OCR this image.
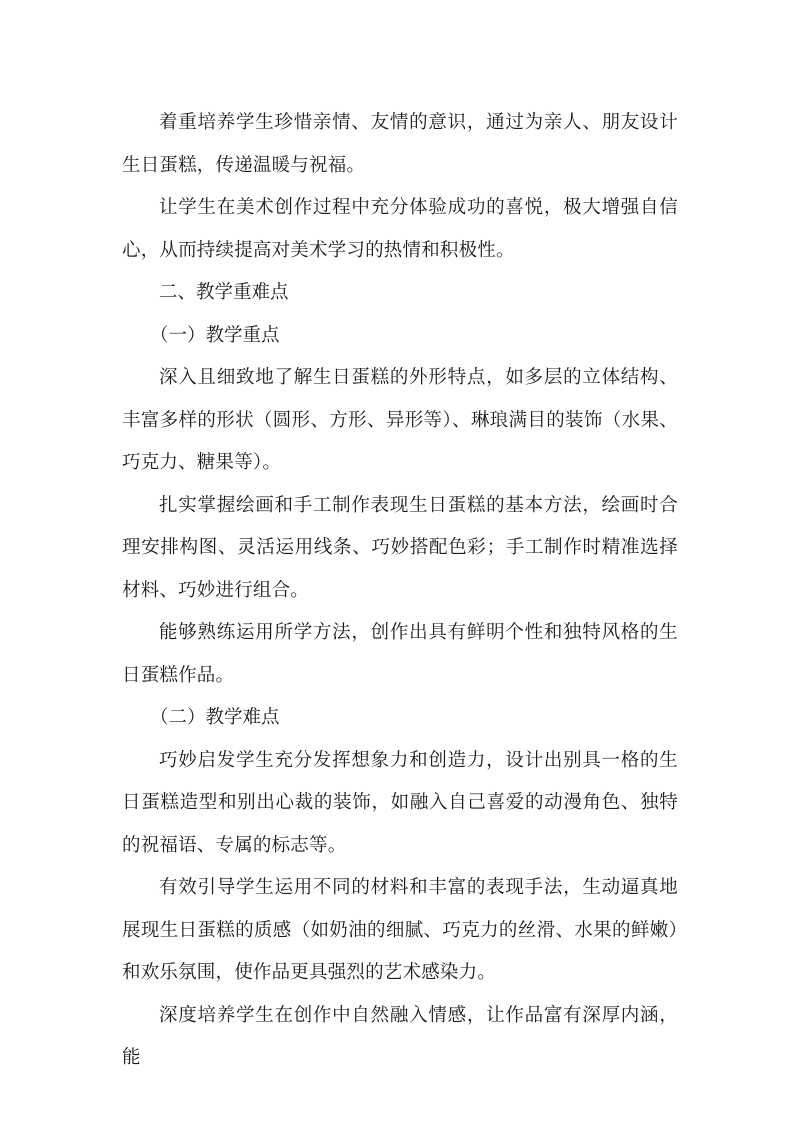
着重培养学生珍惜亲情、友情的意识，通过为亲人、朋友设计生日蛋糕，传递温暖与祝福。

让学生在美术创作过程中充分体验成功的喜悦，极大增强自信心，从而持续提高对美术学习的热情和积极性。

二、教学重难点

（一）教学重点

深入且细致地了解生日蛋糕的外形特点，如多层的立体结构、丰富多样的形状（圆形、方形、异形等）、琳琅满目的装饰（水果、巧克力、糖果等）。

扎实掌握绘画和手工制作表现生日蛋糕的基本方法，绘画时合理安排构图、灵活运用线条、巧妙搭配色彩；手工制作时精准选择材料、巧妙进行组合。

能够熟练运用所学方法，创作出具有鲜明个性和独特风格的生日蛋糕作品。

（二）教学难点

巧妙启发学生充分发挥想象力和创造力，设计出别具一格的生日蛋糕造型和别出心裁的装饰，如融入自己喜爱的动漫角色、独特的祝福语、专属的标志等。

有效引导学生运用不同的材料和丰富的表现手法，生动逼真地展现生日蛋糕的质感（如奶油的细腻、巧克力的丝滑、水果的鲜嫩）和欢乐氛围，使作品更具强烈的艺术感染力。

深度培养学生在创作中自然融入情感，让作品富有深厚内涵，能
